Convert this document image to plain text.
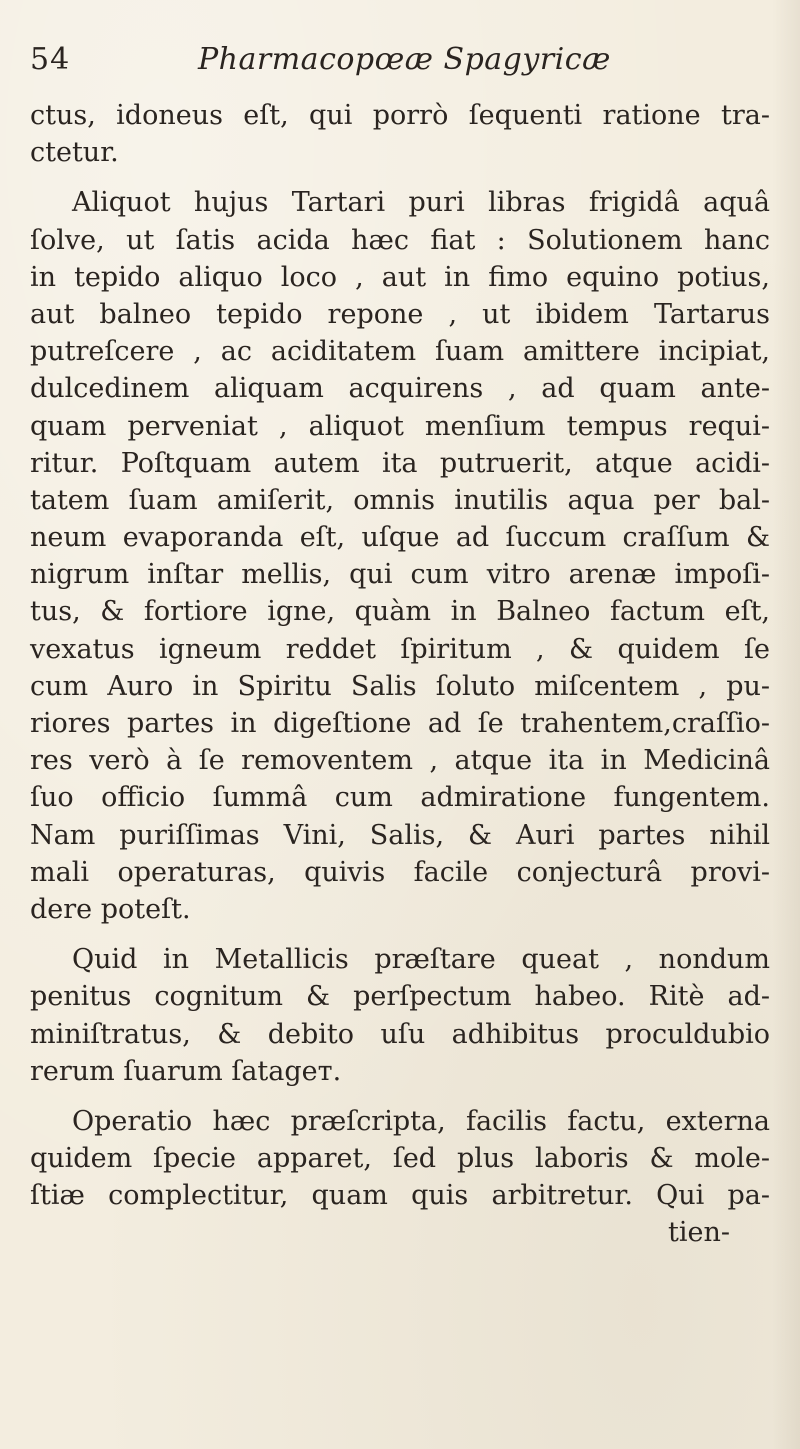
54	Pharmacopœæ Spagyricæ
ctus, idoneus eſt, qui porrò ſequenti ratione tra-
ctetur.
Aliquot hujus Tartari puri libras frigidâ aquâ
ſolve, ut ſatis acida hæc fiat : Solutionem hanc
in tepido aliquo loco , aut in fimo equino potius,
aut balneo tepido repone , ut ibidem Tartarus
putreſcere , ac aciditatem ſuam amittere incipiat,
dulcedinem aliquam acquirens , ad quam ante-
quam perveniat , aliquot menſium tempus requi-
ritur. Poſtquam autem ita putruerit, atque acidi-
tatem ſuam amiſerit, omnis inutilis aqua per bal-
neum evaporanda eſt, uſque ad ſuccum craſſum &
nigrum inſtar mellis, qui cum vitro arenæ impoſi-
tus, & fortiore igne, quàm in Balneo factum eſt,
vexatus igneum reddet ſpiritum , & quidem ſe
cum Auro in Spiritu Salis ſoluto miſcentem , pu-
riores partes in digeſtione ad ſe trahentem,craſſio-
res verò à ſe removentem , atque ita in Medicinâ
ſuo officio ſummâ cum admiratione fungentem.
Nam puriſſimas Vini, Salis, & Auri partes nihil
mali operaturas, quivis facile conjecturâ provi-
dere poteſt.
Quid in Metallicis præſtare queat , nondum
penitus cognitum & perſpectum habeo. Ritè ad-
miniſtratus, & debito uſu adhibitus proculdubio
rerum ſuarum ſatagет.
Operatio hæc præſcripta, facilis factu, externa
quidem ſpecie apparet, ſed plus laboris & mole-
ſtiæ complectitur, quam quis arbitretur. Qui pa-
tien-
